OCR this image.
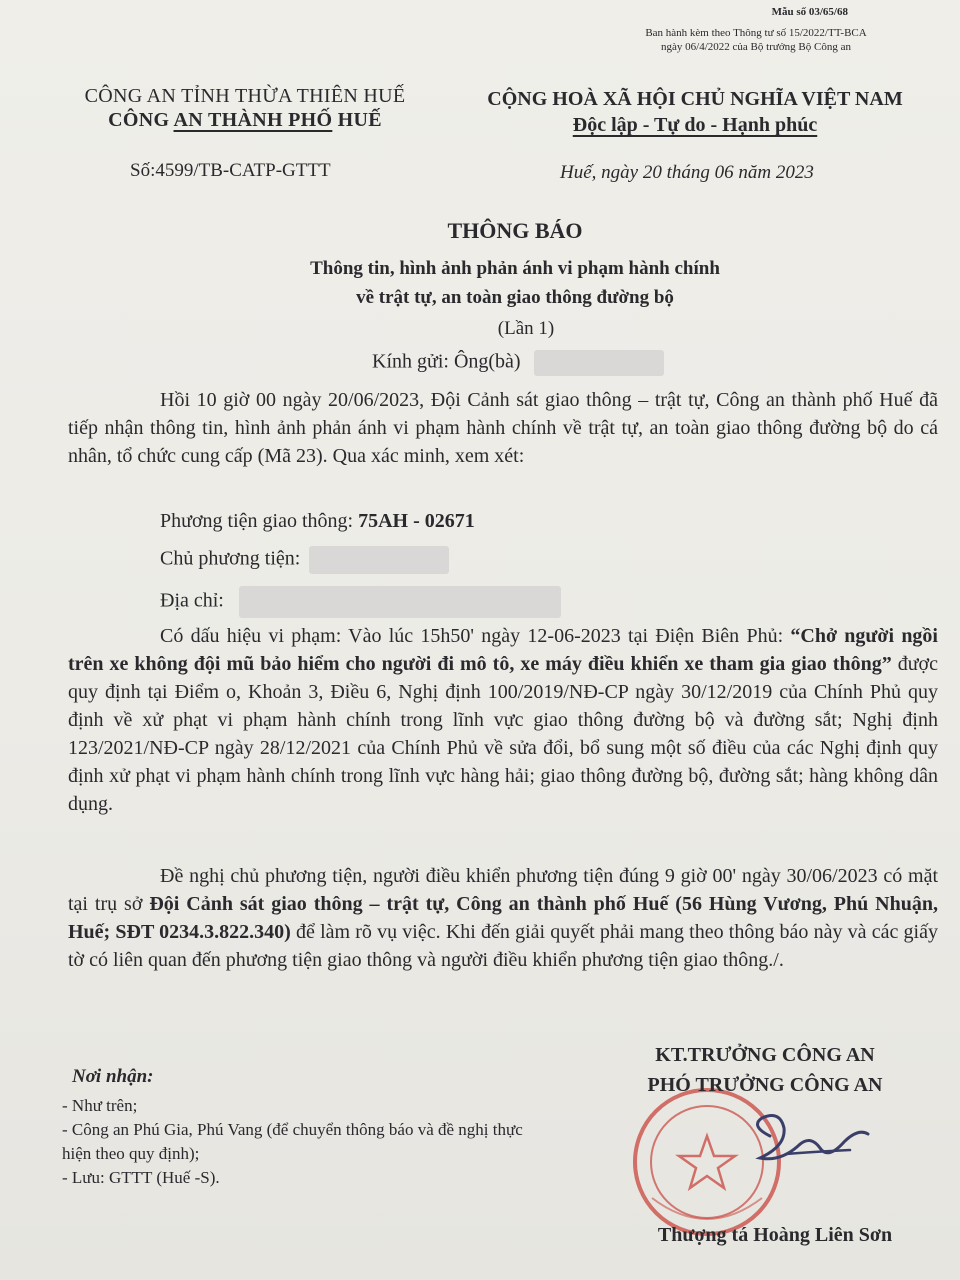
Mẫu số 03/65/68
Ban hành kèm theo Thông tư số 15/2022/TT-BCA
ngày 06/4/2022 của Bộ trưởng Bộ Công an
CÔNG AN TỈNH THỪA THIÊN HUẾ
CÔNG AN THÀNH PHỐ HUẾ
CỘNG HOÀ XÃ HỘI CHỦ NGHĨA VIỆT NAM
Độc lập - Tự do - Hạnh phúc
Số:4599/TB-CATP-GTTT	Huế, ngày 20 tháng 06 năm 2023
THÔNG BÁO
Thông tin, hình ảnh phản ánh vi phạm hành chính
về trật tự, an toàn giao thông đường bộ
(Lần 1)
Kính gửi: Ông(bà)

Hồi 10 giờ 00 ngày 20/06/2023, Đội Cảnh sát giao thông – trật tự, Công an thành phố Huế đã tiếp nhận thông tin, hình ảnh phản ánh vi phạm hành chính về trật tự, an toàn giao thông đường bộ do cá nhân, tổ chức cung cấp (Mã 23). Qua xác minh, xem xét:

Phương tiện giao thông: 75AH - 02671
Chủ phương tiện:
Địa chỉ:

Có dấu hiệu vi phạm: Vào lúc 15h50' ngày 12-06-2023 tại Điện Biên Phủ: “Chở người ngồi trên xe không đội mũ bảo hiểm cho người đi mô tô, xe máy điều khiển xe tham gia giao thông” được quy định tại Điểm o, Khoản 3, Điều 6, Nghị định 100/2019/NĐ-CP ngày 30/12/2019 của Chính Phủ quy định về xử phạt vi phạm hành chính trong lĩnh vực giao thông đường bộ và đường sắt; Nghị định 123/2021/NĐ-CP ngày 28/12/2021 của Chính Phủ về sửa đổi, bổ sung một số điều của các Nghị định quy định xử phạt vi phạm hành chính trong lĩnh vực hàng hải; giao thông đường bộ, đường sắt; hàng không dân dụng.

Đề nghị chủ phương tiện, người điều khiển phương tiện đúng 9 giờ 00' ngày 30/06/2023 có mặt tại trụ sở Đội Cảnh sát giao thông – trật tự, Công an thành phố Huế (56 Hùng Vương, Phú Nhuận, Huế; SĐT 0234.3.822.340) để làm rõ vụ việc. Khi đến giải quyết phải mang theo thông báo này và các giấy tờ có liên quan đến phương tiện giao thông và người điều khiển phương tiện giao thông./.

Nơi nhận:
- Như trên;
- Công an Phú Gia, Phú Vang (để chuyển thông báo và đề nghị thực hiện theo quy định);
- Lưu: GTTT (Huế -S).
KT.TRƯỞNG CÔNG AN
PHÓ TRƯỞNG CÔNG AN
Thượng tá Hoàng Liên Sơn
